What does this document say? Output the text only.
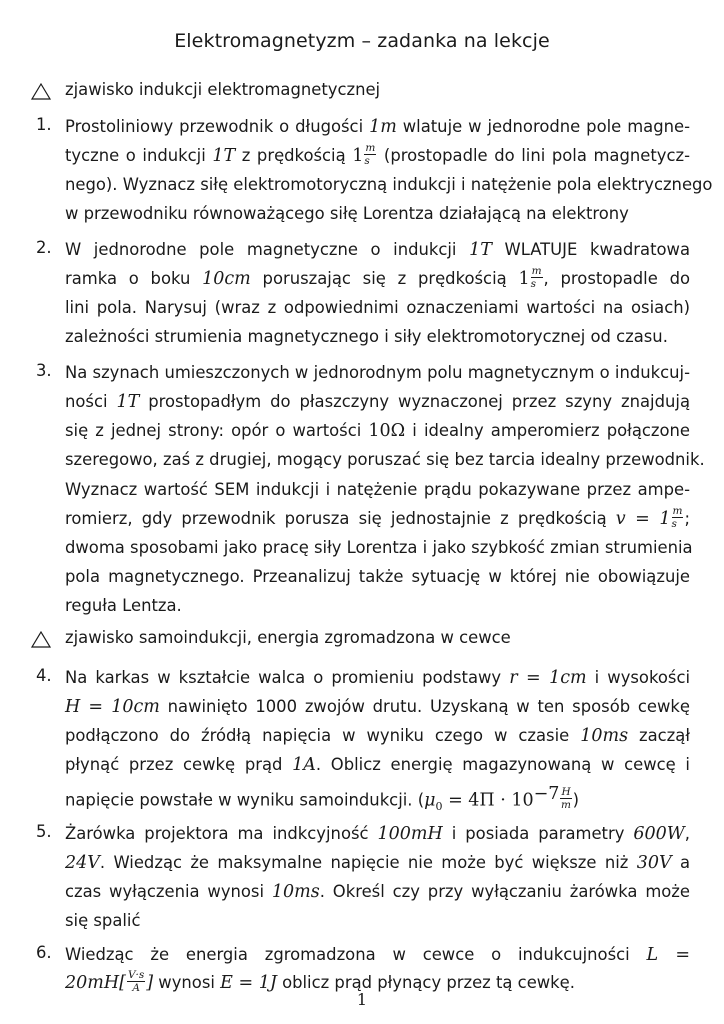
Elektromagnetyzm – zadanka na lekcje
zjawisko indukcji elektromagnetycznej
1. Prostoliniowy przewodnik o długości 1m wlatuje w jednorodne pole magne-
tyczne o indukcji 1T z prędkością $1 \frac{m}{s}$ (prostopadle do lini pola magnetycz-
nego). Wyznacz siłę elektromotoryczną indukcji i natężenie pola elektrycznego
w przewodniku równoważącego siłę Lorentza działającą na elektrony
2. W jednorodne pole magnetyczne o indukcji 1T WLATUJE kwadratowa
ramka o boku 10cm poruszając się z prędkością $1 \frac{m}{s}$ , prostopadle do
lini pola. Narysuj (wraz z odpowiednimi oznaczeniami wartości na osiach)
zależności strumienia magnetycznego i siły elektromotorycznej od czasu.
3. Na szynach umieszczonych w jednorodnym polu magnetycznym o indukcuj-
ności 1T prostopadłym do płaszczyny wyznaczonej przez szyny znajdują
się z jednej strony: opór o wartości 10Ω i idealny amperomierz połączone
szeregowo, zaś z drugiej, mogący poruszać się bez tarcia idealny przewodnik.
Wyznacz wartość SEM indukcji i natężenie prądu pokazywane przez ampe-
romierz, gdy przewodnik porusza się jednostajnie z prędkością $v = 1 \frac{m}{s}$ ;
dwoma sposobami jako pracę siły Lorentza i jako szybkość zmian strumienia
pola magnetycznego. Przeanalizuj także sytuację w której nie obowiązuje
reguła Lentza.
zjawisko samoindukcji, energia zgromadzona w cewce
4. Na karkas w kształcie walca o promieniu podstawy r = 1cm i wysokości
H = 10cm nawinięto 1000 zwojów drutu. Uzyskaną w ten sposób cewkę
podłączono do źródłą napięcia w wyniku czego w czasie 10ms zaczął
płynąć przez cewkę prąd 1A. Oblicz energię magazynowaną w cewcę i
napięcie powstałe w wyniku samoindukcji. ($\mu_0 = 4\Pi \cdot 10^{-7} \frac{H}{m}$ )
5. Żarówka projektora ma indkcyjność 100mH i posiada parametry 600W,
24V. Wiedząc że maksymalne napięcie nie może być większe niż 30V a
czas wyłączenia wynosi 10ms. Określ czy przy wyłączaniu żarówka może
się spalić
6. Wiedząc że energia zgromadzona w cewce o indukcujności L =
$20mH[ \frac{V\cdot s}{A}$ ] wynosi E = 1J oblicz prąd płynący przez tą cewkę.
1
